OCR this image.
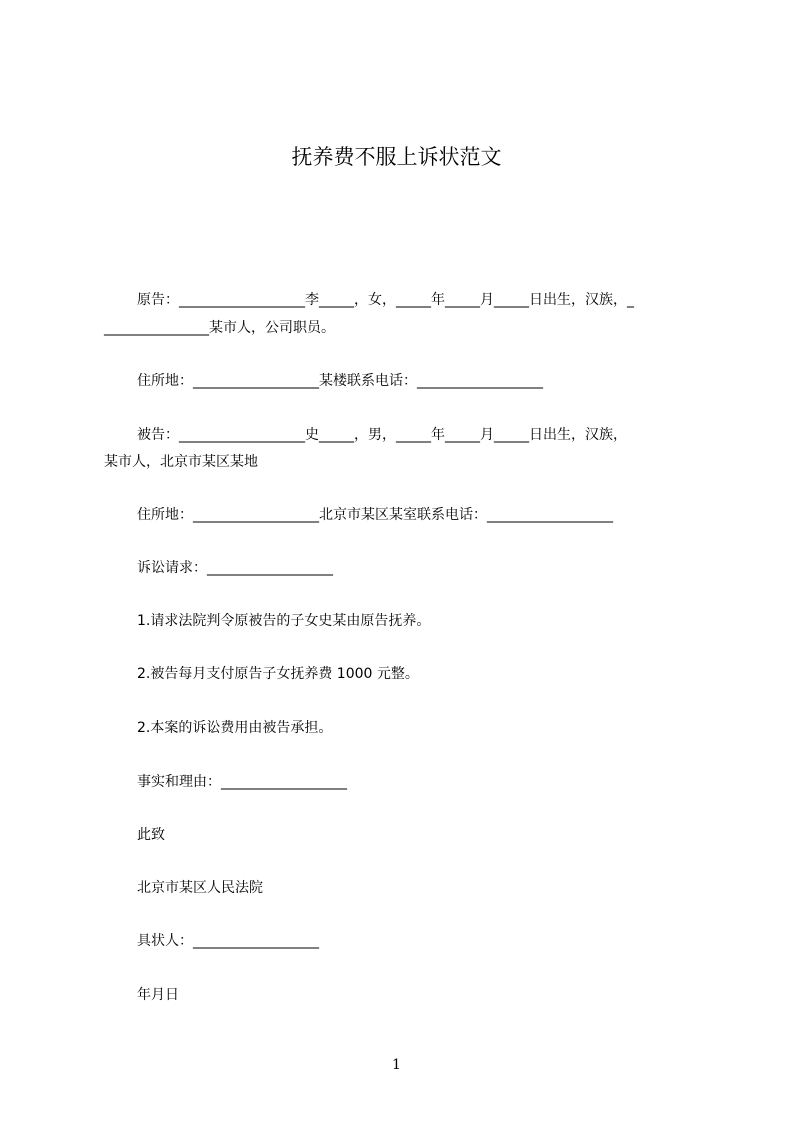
抚养费不服上诉状范文
原告：__________________李_____，女，_____年_____月_____日出生，汉族，_
_______________某市人，公司职员。
住所地：__________________某楼联系电话：__________________
被告：__________________史_____，男，_____年_____月_____日出生，汉族，
某市人，北京市某区某地
住所地：__________________北京市某区某室联系电话：__________________
诉讼请求：__________________
1.请求法院判令原被告的子女史某由原告抚养。
2.被告每月支付原告子女抚养费 1000 元整。
2.本案的诉讼费用由被告承担。
事实和理由：__________________
此致
北京市某区人民法院
具状人：__________________
年月日
1
